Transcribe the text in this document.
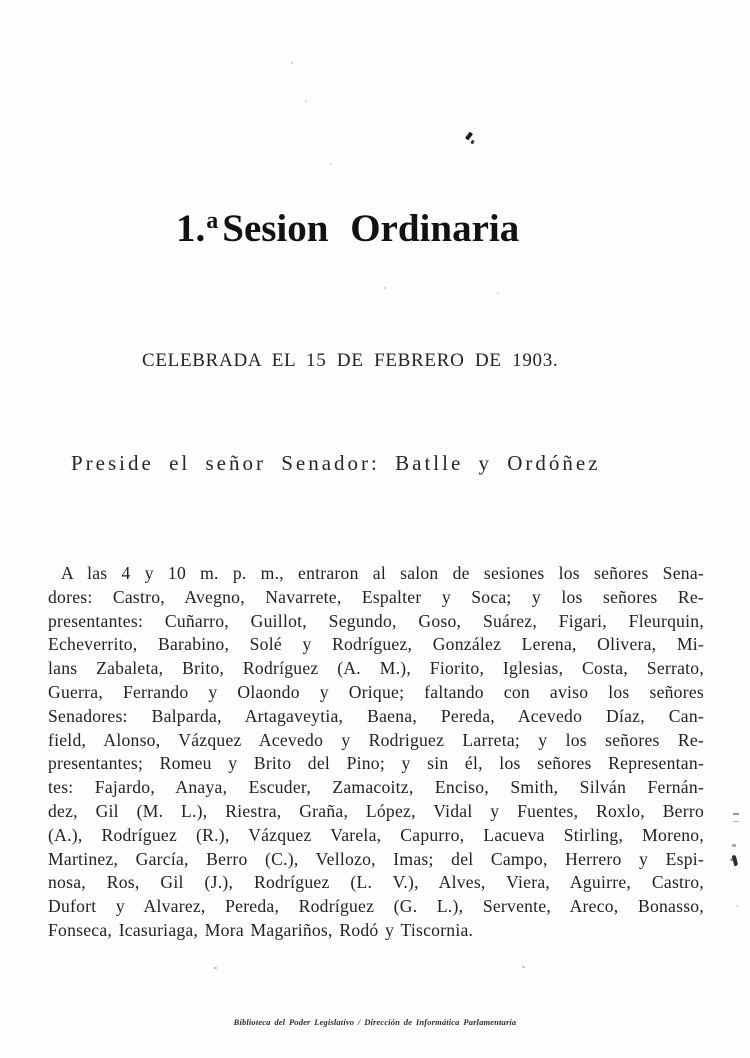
1.$^a$ Sesion Ordinaria
CELEBRADA EL 15 DE FEBRERO DE 1903.
Preside el señor Senador: Batlle y Ordóñez
A las 4 y 10 m. p. m., entraron al salon de sesiones los señores Sena-
dores: Castro, Avegno, Navarrete, Espalter y Soca; y los señores Re-
presentantes: Cuñarro, Guillot, Segundo, Goso, Suárez, Figari, Fleurquin,
Echeverrito, Barabino, Solé y Rodríguez, González Lerena, Olivera, Mi-
lans Zabaleta, Brito, Rodríguez (A. M.), Fiorito, Iglesias, Costa, Serrato,
Guerra, Ferrando y Olaondo y Orique; faltando con aviso los señores
Senadores: Balparda, Artagaveytia, Baena, Pereda, Acevedo Díaz, Can-
field, Alonso, Vázquez Acevedo y Rodriguez Larreta; y los señores Re-
presentantes; Romeu y Brito del Pino; y sin él, los señores Representan-
tes: Fajardo, Anaya, Escuder, Zamacoitz, Enciso, Smith, Silván Fernán-
dez, Gil (M. L.), Riestra, Graña, López, Vidal y Fuentes, Roxlo, Berro
(A.), Rodríguez (R.), Vázquez Varela, Capurro, Lacueva Stirling, Moreno,
Martinez, García, Berro (C.), Vellozo, Imas; del Campo, Herrero y Espi-
nosa, Ros, Gil (J.), Rodríguez (L. V.), Alves, Viera, Aguirre, Castro,
Dufort y Alvarez, Pereda, Rodríguez (G. L.), Servente, Areco, Bonasso,
Fonseca, Icasuriaga, Mora Magariños, Rodó y Tiscornia.
Biblioteca del Poder Legislativo / Dirección de Informática Parlamentaria
